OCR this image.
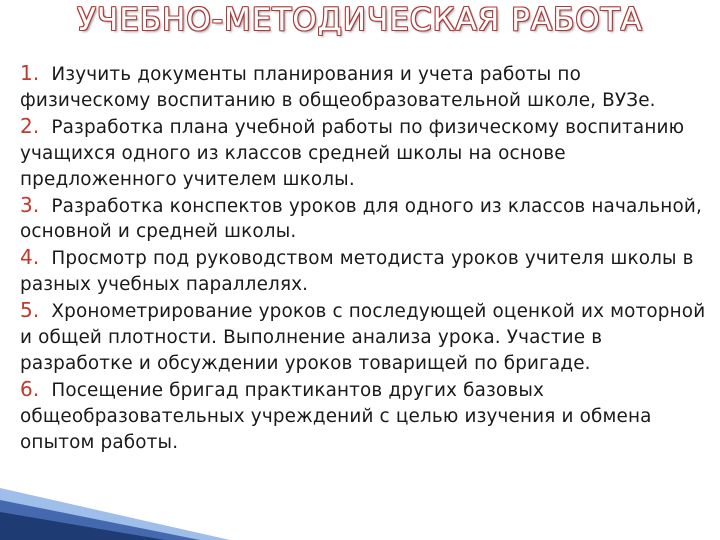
УЧЕБНО-МЕТОДИЧЕСКАЯ РАБОТА
1. Изучить документы планирования и учета работы по физическому воспитанию в общеобразовательной школе, ВУЗе.
2. Разработка плана учебной работы по физическому воспитанию учащихся одного из классов средней школы на основе предложенного учителем школы.
3. Разработка конспектов уроков для одного из классов начальной, основной и средней школы.
4. Просмотр под руководством методиста уроков учителя школы в разных учебных параллелях.
5. Хронометрирование уроков с последующей оценкой их моторной и общей плотности. Выполнение анализа урока. Участие в разработке и обсуждении уроков товарищей по бригаде.
6. Посещение бригад практикантов других базовых общеобразовательных учреждений с целью изучения и обмена опытом работы.
